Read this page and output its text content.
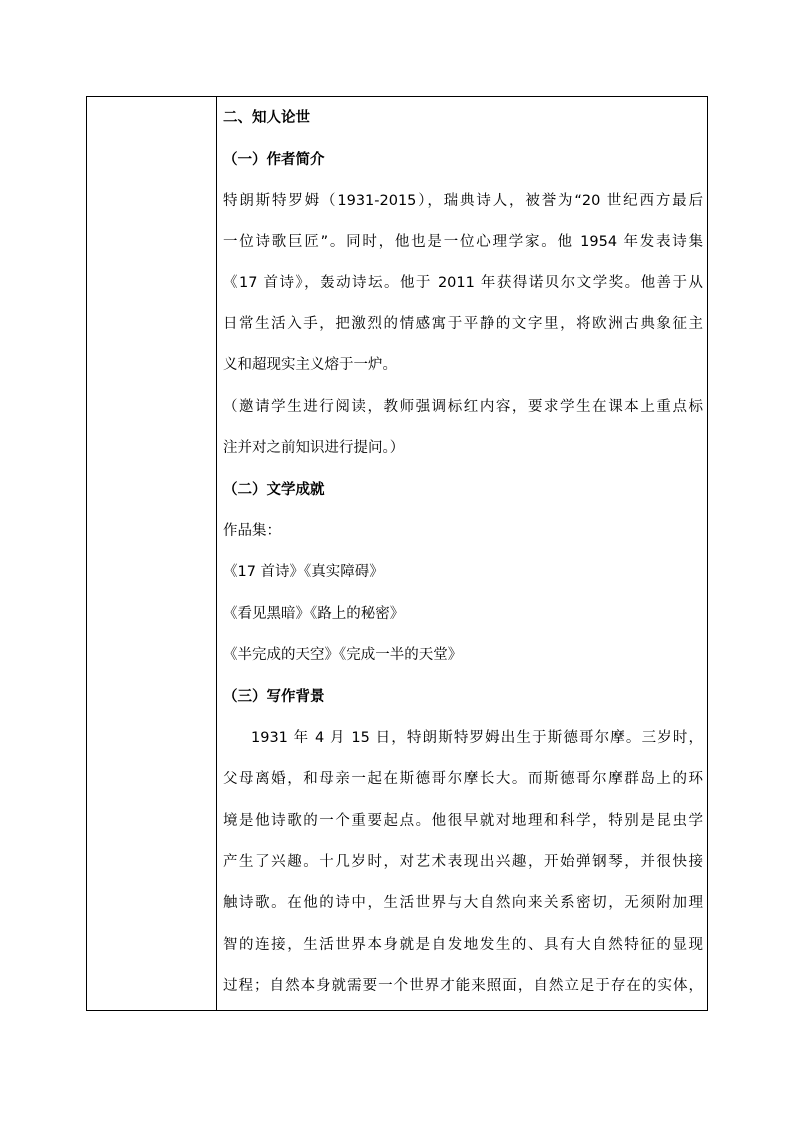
二、知人论世
（一）作者简介
特朗斯特罗姆（1931-2015），瑞典诗人，被誉为“20 世纪西方最后
一位诗歌巨匠”。同时，他也是一位心理学家。他 1954 年发表诗集
《17 首诗》，轰动诗坛。他于 2011 年获得诺贝尔文学奖。他善于从
日常生活入手，把激烈的情感寓于平静的文字里，将欧洲古典象征主
义和超现实主义熔于一炉。
（邀请学生进行阅读，教师强调标红内容，要求学生在课本上重点标
注并对之前知识进行提问。）
（二）文学成就
作品集：
《17 首诗》《真实障碍》
《看见黑暗》《路上的秘密》
《半完成的天空》《完成一半的天堂》
（三）写作背景
1931 年 4 月 15 日，特朗斯特罗姆出生于斯德哥尔摩。三岁时，
父母离婚，和母亲一起在斯德哥尔摩长大。而斯德哥尔摩群岛上的环
境是他诗歌的一个重要起点。他很早就对地理和科学，特别是昆虫学
产生了兴趣。十几岁时，对艺术表现出兴趣，开始弹钢琴，并很快接
触诗歌。在他的诗中，生活世界与大自然向来关系密切，无须附加理
智的连接，生活世界本身就是自发地发生的、具有大自然特征的显现
过程；自然本身就需要一个世界才能来照面，自然立足于存在的实体，
